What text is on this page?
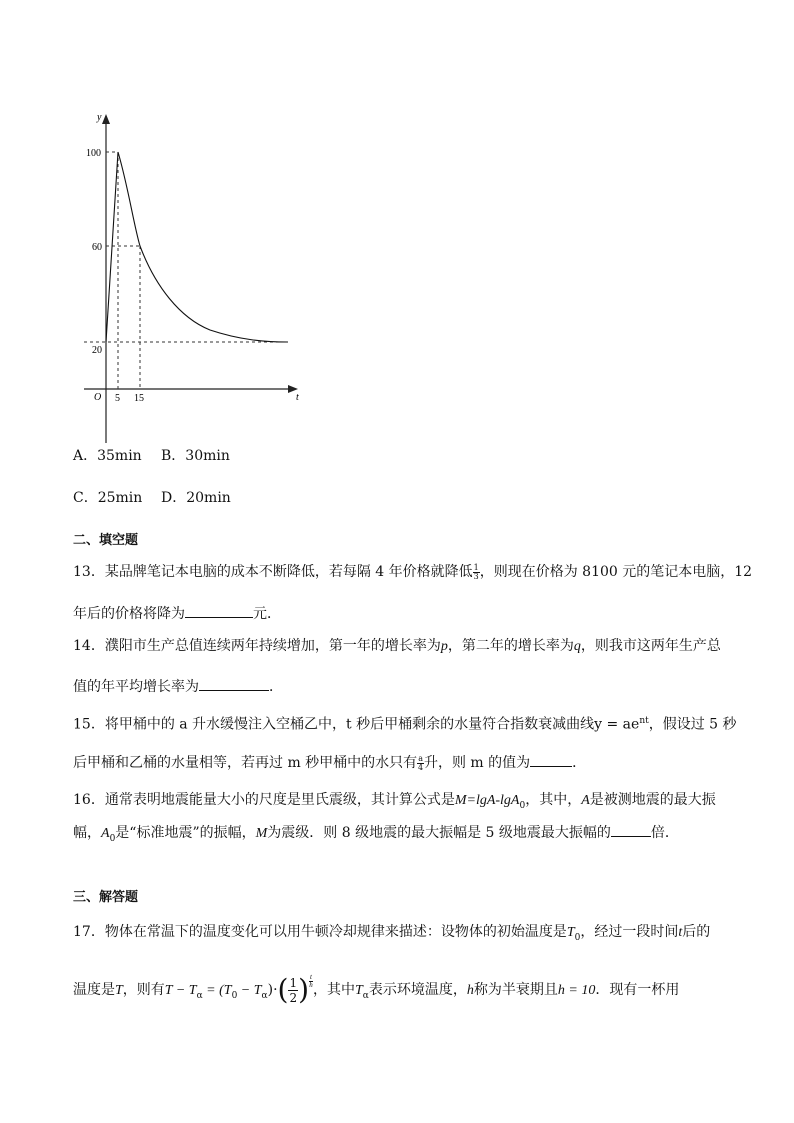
y
t
O
100
60
20
5 15
A．35min B．30min
C．25min D．20min
二、填空题
13．某品牌笔记本电脑的成本不断降低，若每隔 4 年价格就降低 $\frac{1}{3}$ ，则现在价格为 8100 元的笔记本电脑，12
年后的价格将降为	元．
14．濮阳市生产总值连续两年持续增加，第一年的增长率为p，第二年的增长率为q，则我市这两年生产总
值的年平均增长率为	．
15．将甲桶中的 a 升水缓慢注入空桶乙中，t 秒后甲桶剩余的水量符合指数衰减曲线$y = ae^{nt}$，假设过 5 秒
后甲桶和乙桶的水量相等，若再过 m 秒甲桶中的水只有 $\frac{a}{4}$ 升，则 m 的值为	．
16．通常表明地震能量大小的尺度是里氏震级，其计算公式是M=lgA-lgA$_0$，其中，A是被测地震的最大振
幅，$A_0$是“标准地震”的振幅，M为震级．则 8 级地震的最大振幅是 5 级地震最大振幅的	倍．
三、解答题
17．物体在常温下的温度变化可以用牛顿冷却规律来描述：设物体的初始温度是$T_0$，经过一段时间t后的
温度是T，则有$T - T_\alpha = (T_0 - T_\alpha)\cdot( \frac{1}{2}$ ) $\frac{t}{h}$
，其中$T_\alpha$表示环境温度，h称为半衰期且h = 10．现有一杯用
